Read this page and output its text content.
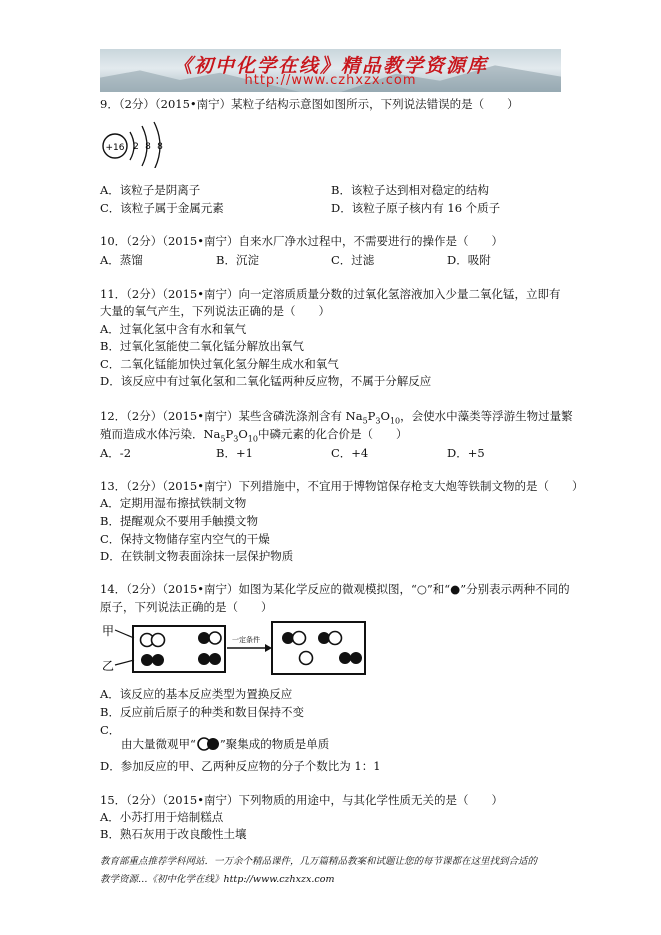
《初中化学在线》精品教学资源库
http://www.czhxzx.com
9．（2分）（2015•南宁）某粒子结构示意图如图所示，下列说法错误的是（　　）
+16 2 8 8
A．该粒子是阴离子	B．该粒子达到相对稳定的结构
C．该粒子属于金属元素	D．该粒子原子核内有 16 个质子
10．（2分）（2015•南宁）自来水厂净水过程中，不需要进行的操作是（　　）
A．蒸馏	B．沉淀	C．过滤	D．吸附
11．（2分）（2015•南宁）向一定溶质质量分数的过氧化氢溶液加入少量二氧化锰，立即有
大量的氧气产生，下列说法正确的是（　　）
A．过氧化氢中含有水和氧气
B．过氧化氢能使二氧化锰分解放出氧气
C．二氧化锰能加快过氧化氢分解生成水和氧气
D．该反应中有过氧化氢和二氧化锰两种反应物，不属于分解反应
12．（2分）（2015•南宁）某些含磷洗涤剂含有 $Na_5P_3O_{10}$，会使水中藻类等浮游生物过量繁
殖而造成水体污染．$Na_5P_3O_{10}$中磷元素的化合价是（　　）
A．-2	B．+1	C．+4	D．+5
13．（2分）（2015•南宁）下列措施中，不宜用于博物馆保存枪支大炮等铁制文物的是（　　）
A．定期用湿布擦拭铁制文物
B．提醒观众不要用手触摸文物
C．保持文物储存室内空气的干燥
D．在铁制文物表面涂抹一层保护物质
14．（2分）（2015•南宁）如图为某化学反应的微观模拟图，“○”和“●”分别表示两种不同的
原子，下列说法正确的是（　　）
甲
乙
一定条件
A．该反应的基本反应类型为置换反应
B．反应前后原子的种类和数目保持不变
C．
由大量微观甲“ ”聚集成的物质是单质
D．参加反应的甲、乙两种反应物的分子个数比为 1：1
15．（2分）（2015•南宁）下列物质的用途中，与其化学性质无关的是（　　）
A．小苏打用于焙制糕点
B．熟石灰用于改良酸性土壤
教育部重点推荐学科网站．一万余个精品课件，几万篇精品教案和试题让您的每节课都在这里找到合适的
教学资源…《初中化学在线》http://www.czhxzx.com
